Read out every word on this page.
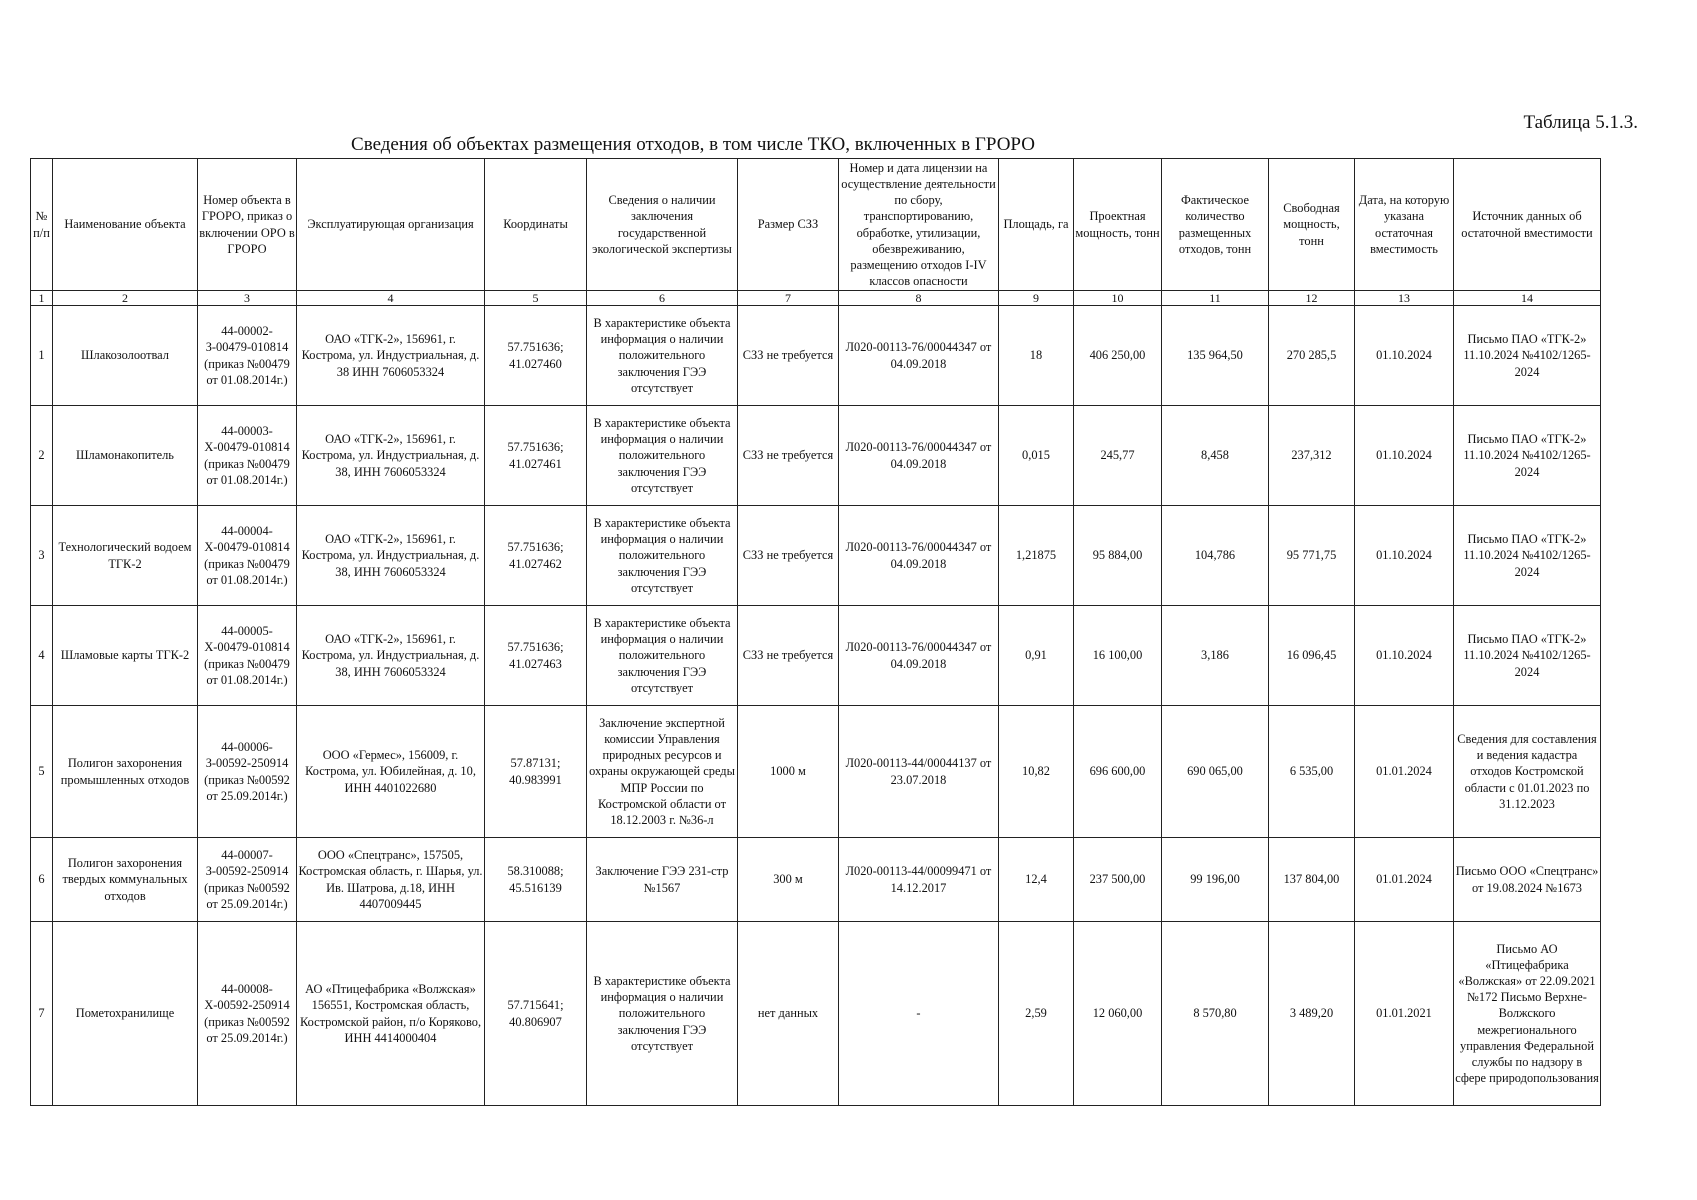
Таблица 5.1.3.
Сведения об объектах размещения отходов, в том числе ТКО, включенных в ГРОРО
№ п/п	Наименование объекта	Номер объекта в ГРОРО, приказ о включении ОРО в ГРОРО	Эксплуатирующая организация	Координаты	Сведения о наличии заключения государственной экологической экспертизы	Размер СЗЗ	Номер и дата лицензии на осуществление деятельности по сбору, транспортированию, обработке, утилизации, обезвреживанию, размещению отходов I-IV классов опасности	Площадь, га	Проектная мощность, тонн	Фактическое количество размещенных отходов, тонн	Свободная мощность, тонн	Дата, на которую указана остаточная вместимость	Источник данных об остаточной вместимости
1	2	3	4	5	6	7	8	9	10	11	12	13	14
1	Шлакозолоотвал	44-00002-З-00479-010814 (приказ №00479 от 01.08.2014г.)	ОАО «ТГК-2», 156961, г. Кострома, ул. Индустриальная, д. 38 ИНН 7606053324	57.751636; 41.027460	В характеристике объекта информация о наличии положительного заключения ГЭЭ отсутствует	СЗЗ не требуется	Л020-00113-76/00044347 от 04.09.2018	18	406 250,00	135 964,50	270 285,5	01.10.2024	Письмо ПАО «ТГК-2» 11.10.2024 №4102/1265-2024
2	Шламонакопитель	44-00003-Х-00479-010814 (приказ №00479 от 01.08.2014г.)	ОАО «ТГК-2», 156961, г. Кострома, ул. Индустриальная, д. 38, ИНН 7606053324	57.751636; 41.027461	В характеристике объекта информация о наличии положительного заключения ГЭЭ отсутствует	СЗЗ не требуется	Л020-00113-76/00044347 от 04.09.2018	0,015	245,77	8,458	237,312	01.10.2024	Письмо ПАО «ТГК-2» 11.10.2024 №4102/1265-2024
3	Технологический водоем ТГК-2	44-00004-Х-00479-010814 (приказ №00479 от 01.08.2014г.)	ОАО «ТГК-2», 156961, г. Кострома, ул. Индустриальная, д. 38, ИНН 7606053324	57.751636; 41.027462	В характеристике объекта информация о наличии положительного заключения ГЭЭ отсутствует	СЗЗ не требуется	Л020-00113-76/00044347 от 04.09.2018	1,21875	95 884,00	104,786	95 771,75	01.10.2024	Письмо ПАО «ТГК-2» 11.10.2024 №4102/1265-2024
4	Шламовые карты ТГК-2	44-00005-Х-00479-010814 (приказ №00479 от 01.08.2014г.)	ОАО «ТГК-2», 156961, г. Кострома, ул. Индустриальная, д. 38, ИНН 7606053324	57.751636; 41.027463	В характеристике объекта информация о наличии положительного заключения ГЭЭ отсутствует	СЗЗ не требуется	Л020-00113-76/00044347 от 04.09.2018	0,91	16 100,00	3,186	16 096,45	01.10.2024	Письмо ПАО «ТГК-2» 11.10.2024 №4102/1265-2024
5	Полигон захоронения промышленных отходов	44-00006-З-00592-250914 (приказ №00592 от 25.09.2014г.)	ООО «Гермес», 156009, г. Кострома, ул. Юбилейная, д. 10, ИНН 4401022680	57.87131; 40.983991	Заключение экспертной комиссии Управления природных ресурсов и охраны окружающей среды МПР России по Костромской области от 18.12.2003 г. №36-л	1000 м	Л020-00113-44/00044137 от 23.07.2018	10,82	696 600,00	690 065,00	6 535,00	01.01.2024	Сведения для составления и ведения кадастра отходов Костромской области с 01.01.2023 по 31.12.2023
6	Полигон захоронения твердых коммунальных отходов	44-00007-З-00592-250914 (приказ №00592 от 25.09.2014г.)	ООО «Спецтранс», 157505, Костромская область, г. Шарья, ул. Ив. Шатрова, д.18, ИНН 4407009445	58.310088; 45.516139	Заключение ГЭЭ 231-стр №1567	300 м	Л020-00113-44/00099471 от 14.12.2017	12,4	237 500,00	99 196,00	137 804,00	01.01.2024	Письмо ООО «Спецтранс» от 19.08.2024 №1673
7	Пометохранилище	44-00008-Х-00592-250914 (приказ №00592 от 25.09.2014г.)	АО «Птицефабрика «Волжская» 156551, Костромская область, Костромской район, п/о Коряково, ИНН 4414000404	57.715641; 40.806907	В характеристике объекта информация о наличии положительного заключения ГЭЭ отсутствует	нет данных	-	2,59	12 060,00	8 570,80	3 489,20	01.01.2021	Письмо АО «Птицефабрика «Волжская» от 22.09.2021 №172 Письмо Верхне-Волжского межрегионального управления Федеральной службы по надзору в сфере природопользования
